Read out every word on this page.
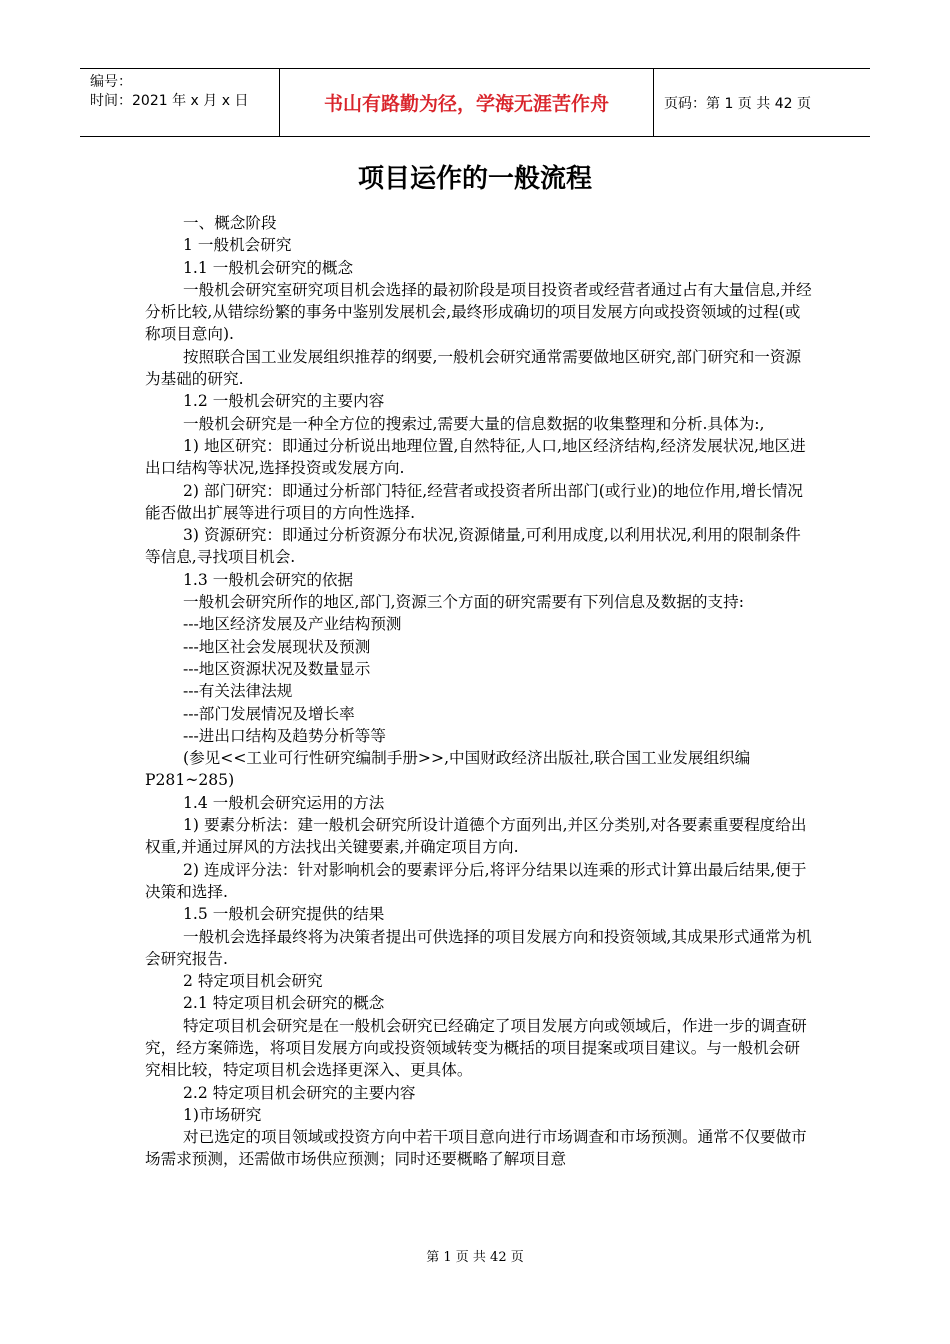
编号：
时间：2021 年 x 月 x 日	书山有路勤为径，学海无涯苦作舟	页码：第 1 页 共 42 页
项目运作的一般流程

一、概念阶段

1 一般机会研究

1.1 一般机会研究的概念

一般机会研究室研究项目机会选择的最初阶段是项目投资者或经营者通过占有大量信息,并经分析比较,从错综纷繁的事务中鉴别发展机会,最终形成确切的项目发展方向或投资领域的过程(或称项目意向).

按照联合国工业发展组织推荐的纲要,一般机会研究通常需要做地区研究,部门研究和一资源为基础的研究.

1.2 一般机会研究的主要内容

一般机会研究是一种全方位的搜索过,需要大量的信息数据的收集整理和分析.具体为:,

1) 地区研究：即通过分析说出地理位置,自然特征,人口,地区经济结构,经济发展状况,地区进出口结构等状况,选择投资或发展方向.

2) 部门研究：即通过分析部门特征,经营者或投资者所出部门(或行业)的地位作用,增长情况能否做出扩展等进行项目的方向性选择.

3) 资源研究：即通过分析资源分布状况,资源储量,可利用成度,以利用状况,利用的限制条件等信息,寻找项目机会.

1.3 一般机会研究的依据

一般机会研究所作的地区,部门,资源三个方面的研究需要有下列信息及数据的支持:

---地区经济发展及产业结构预测

---地区社会发展现状及预测

---地区资源状况及数量显示

---有关法律法规

---部门发展情况及增长率

---进出口结构及趋势分析等等

(参见<<工业可行性研究编制手册>>,中国财政经济出版社,联合国工业发展组织编 P281~285)

1.4 一般机会研究运用的方法

1) 要素分析法：建一般机会研究所设计道德个方面列出,并区分类别,对各要素重要程度给出权重,并通过屏风的方法找出关键要素,并确定项目方向.

2) 连成评分法：针对影响机会的要素评分后,将评分结果以连乘的形式计算出最后结果,便于决策和选择.

1.5 一般机会研究提供的结果

一般机会选择最终将为决策者提出可供选择的项目发展方向和投资领域,其成果形式通常为机会研究报告.

2 特定项目机会研究

2.1 特定项目机会研究的概念

特定项目机会研究是在一般机会研究已经确定了项目发展方向或领域后，作进一步的调查研究，经方案筛选，将项目发展方向或投资领域转变为概括的项目提案或项目建议。与一般机会研究相比较，特定项目机会选择更深入、更具体。

2.2 特定项目机会研究的主要内容

1)市场研究

对已选定的项目领域或投资方向中若干项目意向进行市场调查和市场预测。通常不仅要做市场需求预测，还需做市场供应预测；同时还要概略了解项目意

第 1 页 共 42 页
